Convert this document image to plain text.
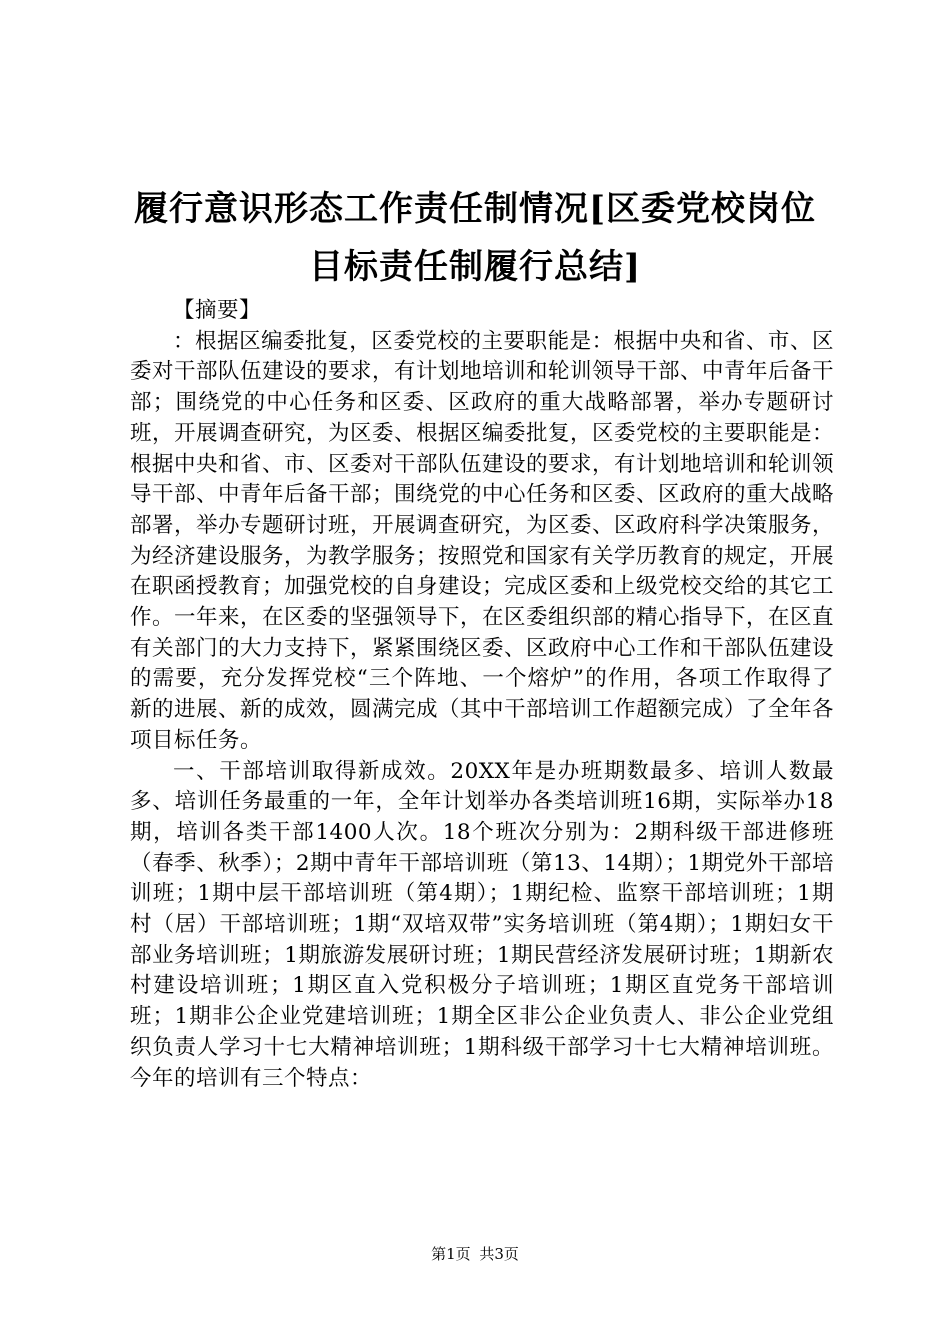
履行意识形态工作责任制情况[区委党校岗位目标责任制履行总结]

【摘要】

：根据区编委批复，区委党校的主要职能是：根据中央和省、市、区委对干部队伍建设的要求，有计划地培训和轮训领导干部、中青年后备干部；围绕党的中心任务和区委、区政府的重大战略部署，举办专题研讨班，开展调查研究，为区委、根据区编委批复，区委党校的主要职能是：根据中央和省、市、区委对干部队伍建设的要求，有计划地培训和轮训领导干部、中青年后备干部；围绕党的中心任务和区委、区政府的重大战略部署，举办专题研讨班，开展调查研究，为区委、区政府科学决策服务，为经济建设服务，为教学服务；按照党和国家有关学历教育的规定，开展在职函授教育；加强党校的自身建设；完成区委和上级党校交给的其它工作。一年来，在区委的坚强领导下，在区委组织部的精心指导下，在区直有关部门的大力支持下，紧紧围绕区委、区政府中心工作和干部队伍建设的需要，充分发挥党校“三个阵地、一个熔炉”的作用，各项工作取得了新的进展、新的成效，圆满完成（其中干部培训工作超额完成）了全年各项目标任务。

一、干部培训取得新成效。20XX年是办班期数最多、培训人数最多、培训任务最重的一年，全年计划举办各类培训班16期，实际举办18期，培训各类干部1400人次。18个班次分别为：2期科级干部进修班（春季、秋季）；2期中青年干部培训班（第13、14期）；1期党外干部培训班；1期中层干部培训班（第4期）；1期纪检、监察干部培训班；1期村（居）干部培训班；1期“双培双带”实务培训班（第4期）；1期妇女干部业务培训班；1期旅游发展研讨班；1期民营经济发展研讨班；1期新农村建设培训班；1期区直入党积极分子培训班；1期区直党务干部培训班；1期非公企业党建培训班；1期全区非公企业负责人、非公企业党组织负责人学习十七大精神培训班；1期科级干部学习十七大精神培训班。今年的培训有三个特点：

第1页 共3页
